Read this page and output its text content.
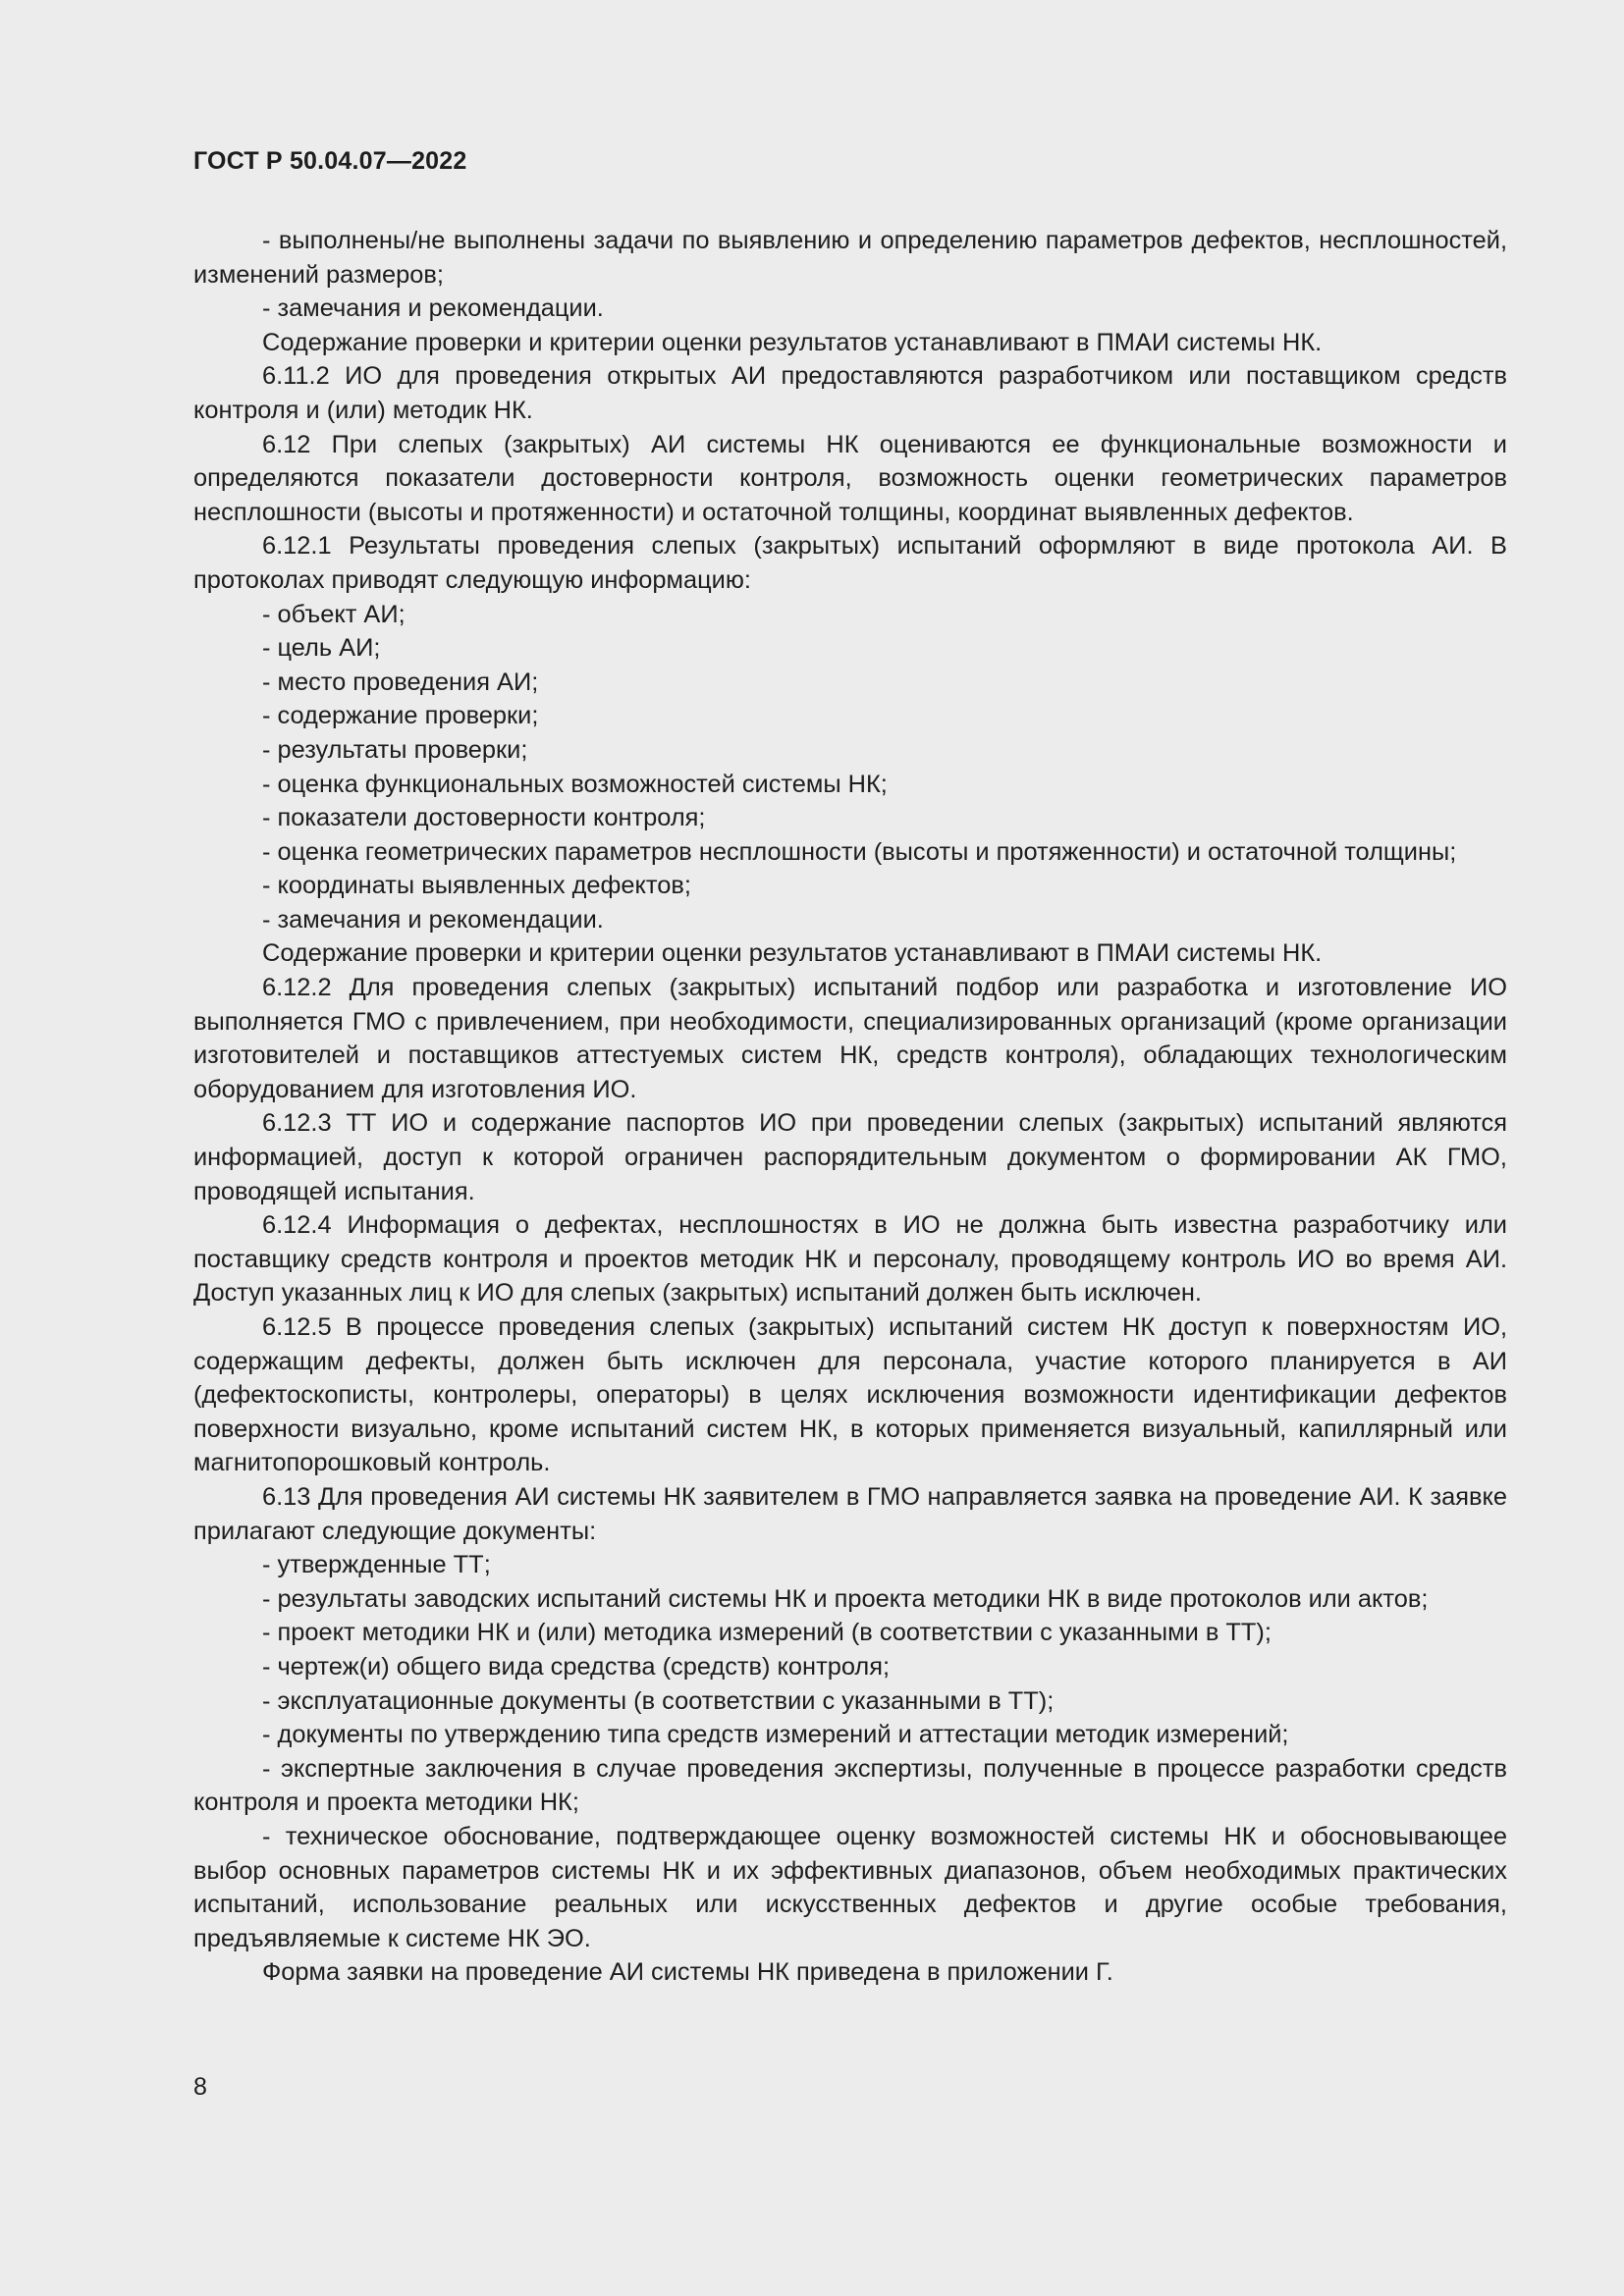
ГОСТ Р 50.04.07—2022

- выполнены/не выполнены задачи по выявлению и определению параметров дефектов, несплошностей, изменений размеров;

- замечания и рекомендации.

Содержание проверки и критерии оценки результатов устанавливают в ПМАИ системы НК.

6.11.2 ИО для проведения открытых АИ предоставляются разработчиком или поставщиком средств контроля и (или) методик НК.

6.12 При слепых (закрытых) АИ системы НК оцениваются ее функциональные возможности и определяются показатели достоверности контроля, возможность оценки геометрических параметров несплошности (высоты и протяженности) и остаточной толщины, координат выявленных дефектов.

6.12.1 Результаты проведения слепых (закрытых) испытаний оформляют в виде протокола АИ. В протоколах приводят следующую информацию:

- объект АИ;

- цель АИ;

- место проведения АИ;

- содержание проверки;

- результаты проверки;

- оценка функциональных возможностей системы НК;

- показатели достоверности контроля;

- оценка геометрических параметров несплошности (высоты и протяженности) и остаточной толщины;

- координаты выявленных дефектов;

- замечания и рекомендации.

Содержание проверки и критерии оценки результатов устанавливают в ПМАИ системы НК.

6.12.2 Для проведения слепых (закрытых) испытаний подбор или разработка и изготовление ИО выполняется ГМО с привлечением, при необходимости, специализированных организаций (кроме организации изготовителей и поставщиков аттестуемых систем НК, средств контроля), обладающих технологическим оборудованием для изготовления ИО.

6.12.3 ТТ ИО и содержание паспортов ИО при проведении слепых (закрытых) испытаний являются информацией, доступ к которой ограничен распорядительным документом о формировании АК ГМО, проводящей испытания.

6.12.4 Информация о дефектах, несплошностях в ИО не должна быть известна разработчику или поставщику средств контроля и проектов методик НК и персоналу, проводящему контроль ИО во время АИ. Доступ указанных лиц к ИО для слепых (закрытых) испытаний должен быть исключен.

6.12.5 В процессе проведения слепых (закрытых) испытаний систем НК доступ к поверхностям ИО, содержащим дефекты, должен быть исключен для персонала, участие которого планируется в АИ (дефектоскописты, контролеры, операторы) в целях исключения возможности идентификации дефектов поверхности визуально, кроме испытаний систем НК, в которых применяется визуальный, капиллярный или магнитопорошковый контроль.

6.13 Для проведения АИ системы НК заявителем в ГМО направляется заявка на проведение АИ. К заявке прилагают следующие документы:

- утвержденные ТТ;

- результаты заводских испытаний системы НК и проекта методики НК в виде протоколов или актов;

- проект методики НК и (или) методика измерений (в соответствии с указанными в ТТ);

- чертеж(и) общего вида средства (средств) контроля;

- эксплуатационные документы (в соответствии с указанными в ТТ);

- документы по утверждению типа средств измерений и аттестации методик измерений;

- экспертные заключения в случае проведения экспертизы, полученные в процессе разработки средств контроля и проекта методики НК;

- техническое обоснование, подтверждающее оценку возможностей системы НК и обосновывающее выбор основных параметров системы НК и их эффективных диапазонов, объем необходимых практических испытаний, использование реальных или искусственных дефектов и другие особые требования, предъявляемые к системе НК ЭО.

Форма заявки на проведение АИ системы НК приведена в приложении Г.

8
